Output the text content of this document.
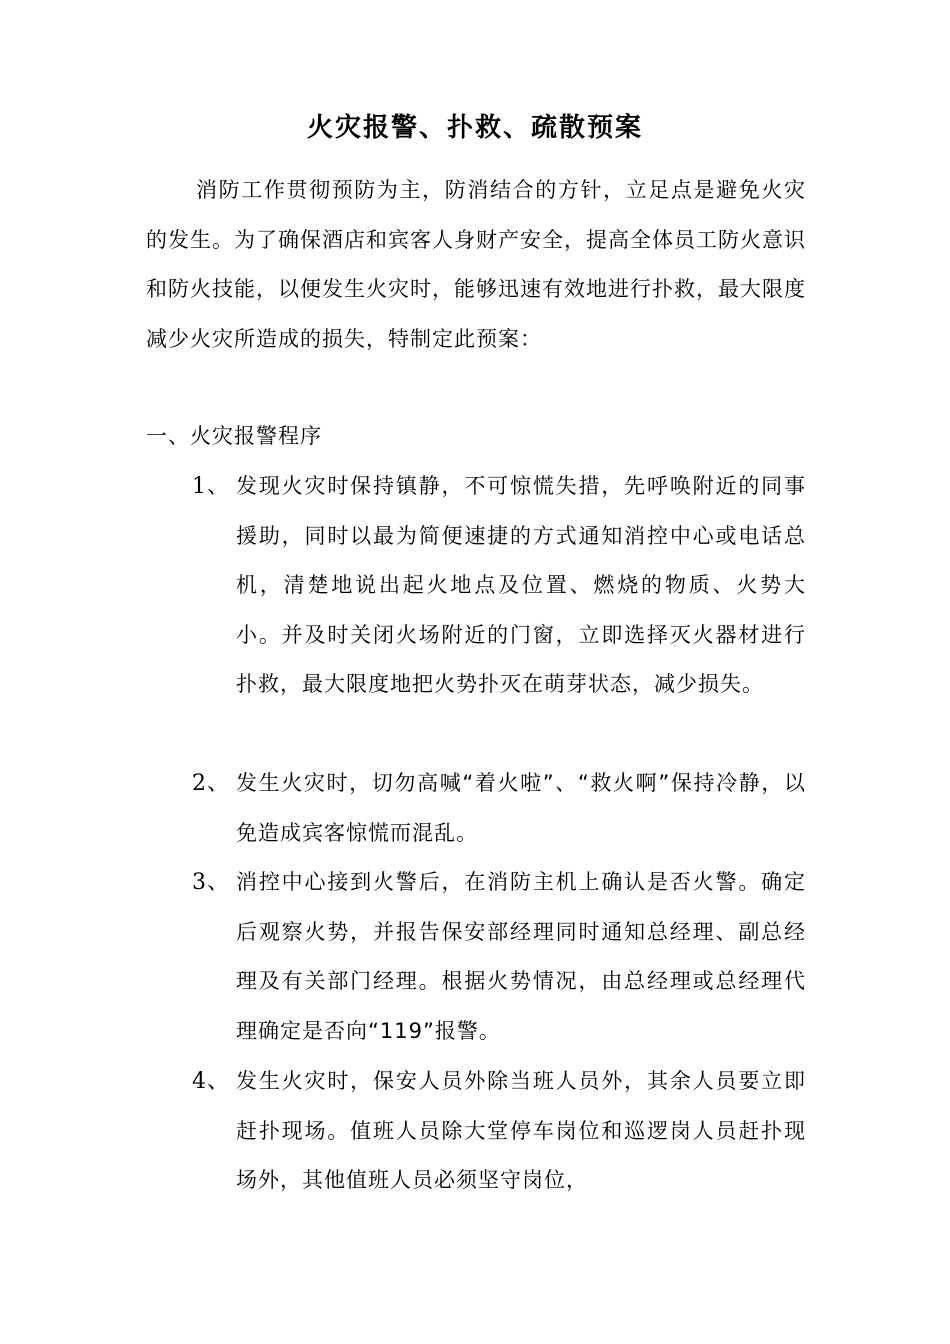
火灾报警、扑救、疏散预案
消防工作贯彻预防为主，防消结合的方针，立足点是避免火灾的发生。为了确保酒店和宾客人身财产安全，提高全体员工防火意识和防火技能，以便发生火灾时，能够迅速有效地进行扑救，最大限度减少火灾所造成的损失，特制定此预案：
一、火灾报警程序
1、 发现火灾时保持镇静，不可惊慌失措，先呼唤附近的同事援助，同时以最为简便速捷的方式通知消控中心或电话总机，清楚地说出起火地点及位置、燃烧的物质、火势大小。并及时关闭火场附近的门窗，立即选择灭火器材进行扑救，最大限度地把火势扑灭在萌芽状态，减少损失。
2、 发生火灾时，切勿高喊“着火啦”、“救火啊”保持冷静，以免造成宾客惊慌而混乱。
3、 消控中心接到火警后，在消防主机上确认是否火警。确定后观察火势，并报告保安部经理同时通知总经理、副总经理及有关部门经理。根据火势情况，由总经理或总经理代理确定是否向“119”报警。
4、 发生火灾时，保安人员外除当班人员外，其余人员要立即赶扑现场。值班人员除大堂停车岗位和巡逻岗人员赶扑现场外，其他值班人员必须坚守岗位，
